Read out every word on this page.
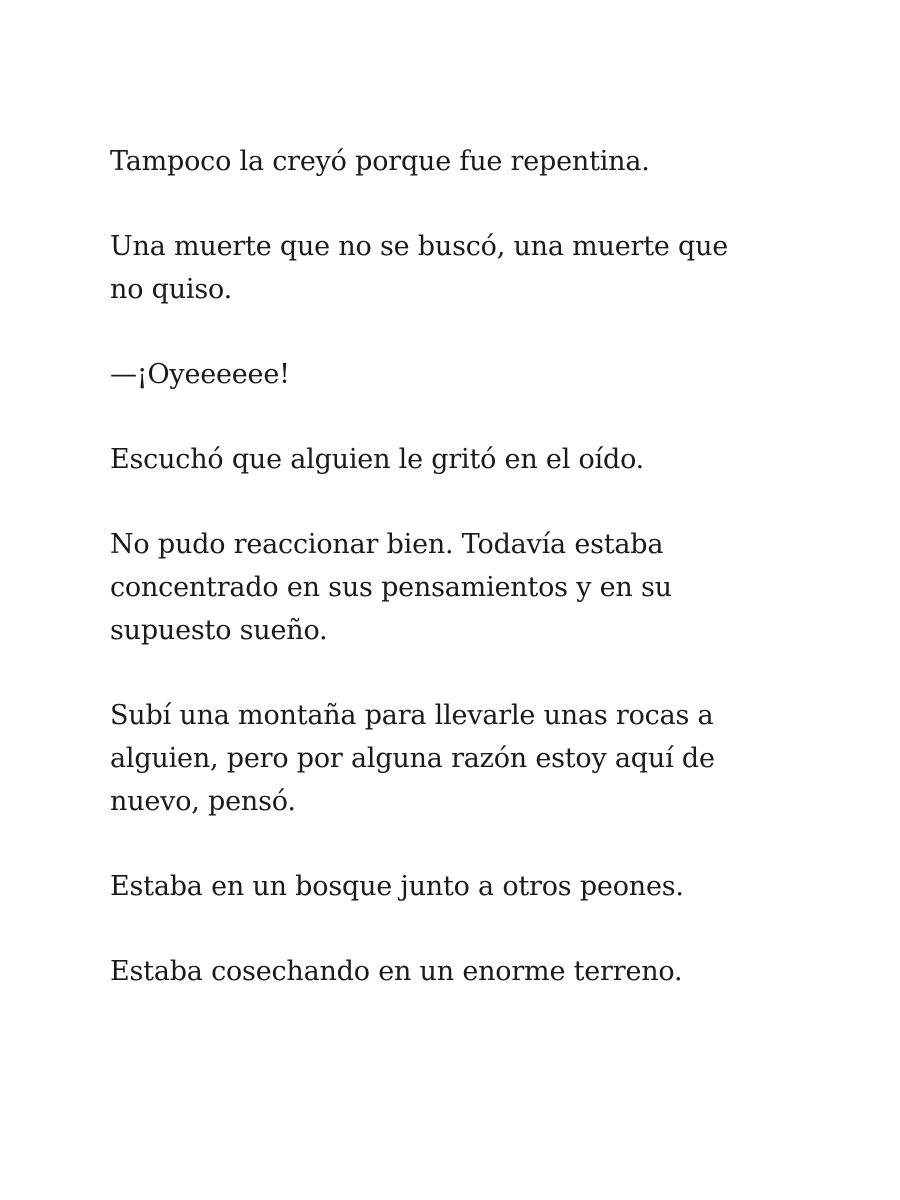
Tampoco la creyó porque fue repentina.

Una muerte que no se buscó, una muerte que
no quiso.

—¡Oyeeeeee!

Escuchó que alguien le gritó en el oído.

No pudo reaccionar bien. Todavía estaba
concentrado en sus pensamientos y en su
supuesto sueño.

Subí una montaña para llevarle unas rocas a
alguien, pero por alguna razón estoy aquí de
nuevo, pensó.

Estaba en un bosque junto a otros peones.

Estaba cosechando en un enorme terreno.
